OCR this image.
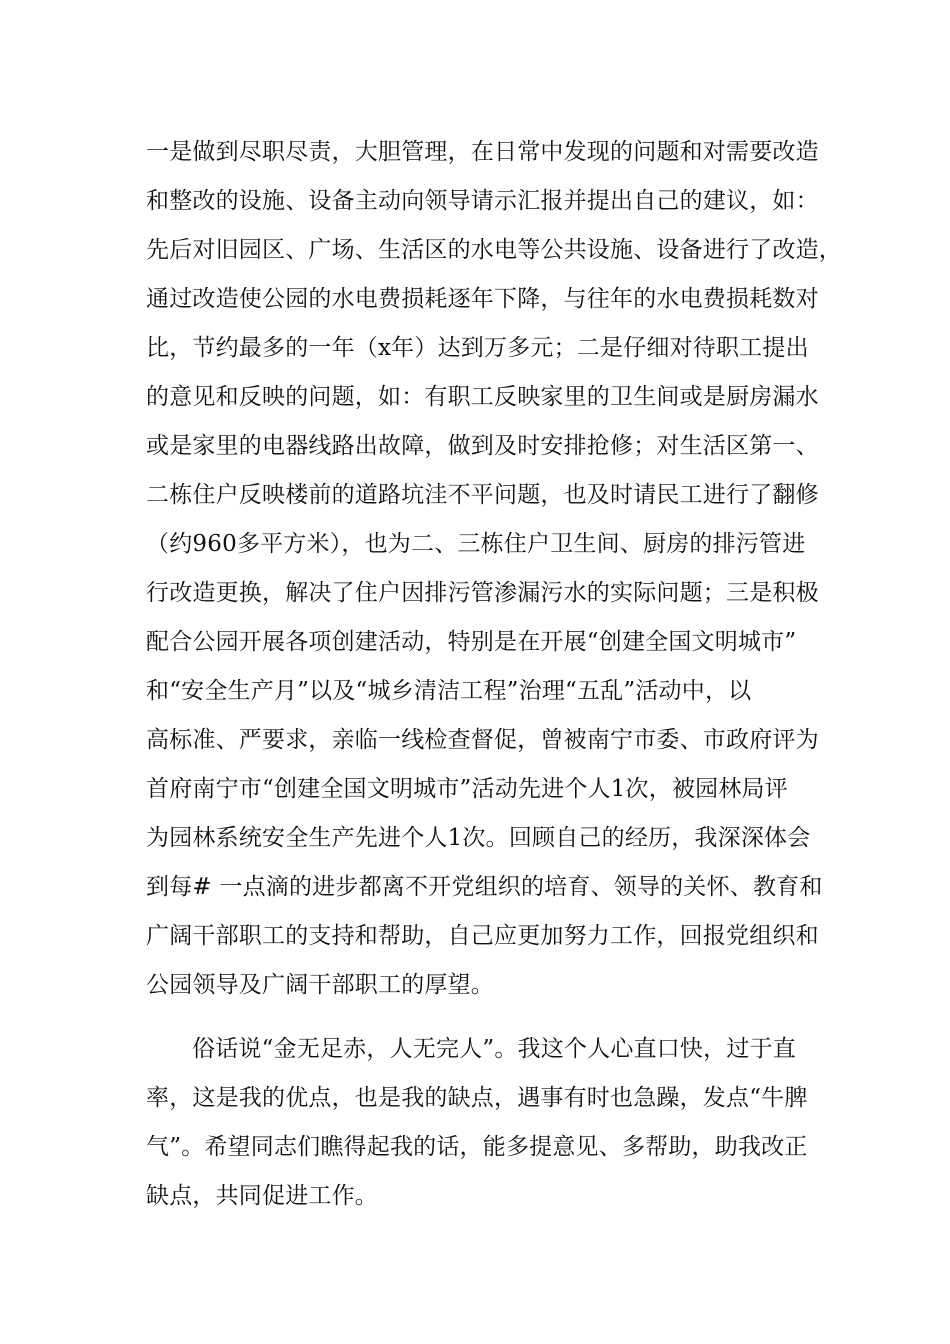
一是做到尽职尽责，大胆管理，在日常中发现的问题和对需要改造
和整改的设施、设备主动向领导请示汇报并提出自己的建议，如：
先后对旧园区、广场、生活区的水电等公共设施、设备进行了改造，
通过改造使公园的水电费损耗逐年下降，与往年的水电费损耗数对
比，节约最多的一年（x年）达到万多元；二是仔细对待职工提出
的意见和反映的问题，如：有职工反映家里的卫生间或是厨房漏水
或是家里的电器线路出故障，做到及时安排抢修；对生活区第一、
二栋住户反映楼前的道路坑洼不平问题，也及时请民工进行了翻修
（约960多平方米），也为二、三栋住户卫生间、厨房的排污管进
行改造更换，解决了住户因排污管渗漏污水的实际问题；三是积极
配合公园开展各项创建活动，特别是在开展“创建全国文明城市”
和“安全生产月”以及“城乡清洁工程”治理“五乱”活动中，以
高标准、严要求，亲临一线检查督促，曾被南宁市委、市政府评为
首府南宁市“创建全国文明城市”活动先进个人1次，被园林局评
为园林系统安全生产先进个人1次。回顾自己的经历，我深深体会
到每# 一点滴的进步都离不开党组织的培育、领导的关怀、教育和
广阔干部职工的支持和帮助，自己应更加努力工作，回报党组织和
公园领导及广阔干部职工的厚望。
俗话说“金无足赤，人无完人”。我这个人心直口快，过于直
率，这是我的优点，也是我的缺点，遇事有时也急躁，发点“牛脾
气”。希望同志们瞧得起我的话，能多提意见、多帮助，助我改正
缺点，共同促进工作。
